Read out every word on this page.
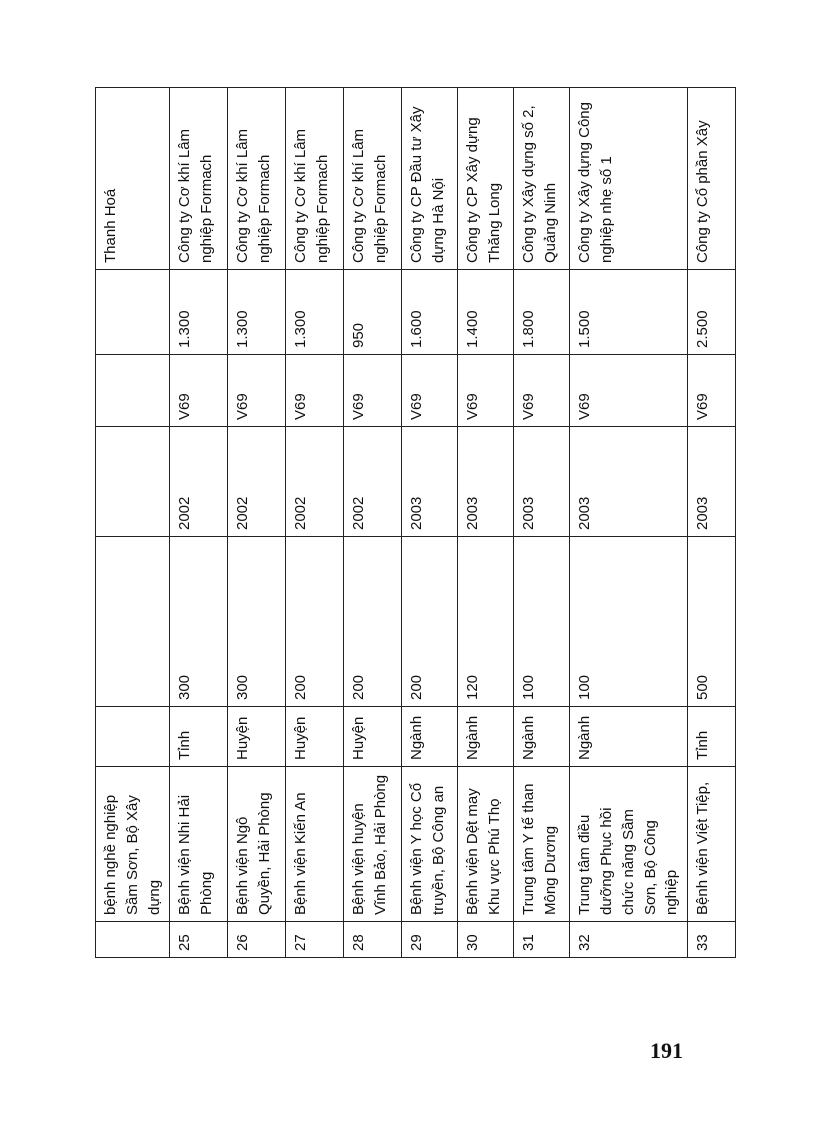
	bệnh nghề nghiệp Sầm Sơn, Bộ Xây dựng						Thanh Hoá
25	Bệnh viện Nhi Hải Phòng	Tỉnh	300	2002	V69	1.300	Công ty Cơ khí Lâm nghiệp Formach
26	Bệnh viện Ngô Quyền, Hải Phòng	Huyện	300	2002	V69	1.300	Công ty Cơ khí Lâm nghiệp Formach
27	Bệnh viện Kiến An	Huyện	200	2002	V69	1.300	Công ty Cơ khí Lâm nghiệp Formach
28	Bệnh viện huyện Vĩnh Bảo, Hải Phòng	Huyện	200	2002	V69	950	Công ty Cơ khí Lâm nghiệp Formach
29	Bệnh viện Y học Cổ truyền, Bộ Công an	Ngành	200	2003	V69	1.600	Công ty CP Đầu tư Xây dựng Hà Nội
30	Bệnh viện Dệt may Khu vực Phú Thọ	Ngành	120	2003	V69	1.400	Công ty CP Xây dựng Thăng Long
31	Trung tâm Y tế than Mông Dương	Ngành	100	2003	V69	1.800	Công ty Xây dựng số 2, Quảng Ninh
32	Trung tâm điều dưỡng Phục hồi chức năng Sầm Sơn, Bộ Công nghiệp	Ngành	100	2003	V69	1.500	Công ty Xây dựng Công nghiệp nhẹ số 1
33	Bệnh viện Việt Tiệp,	Tỉnh	500	2003	V69	2.500	Công ty Cổ phần Xây
191
